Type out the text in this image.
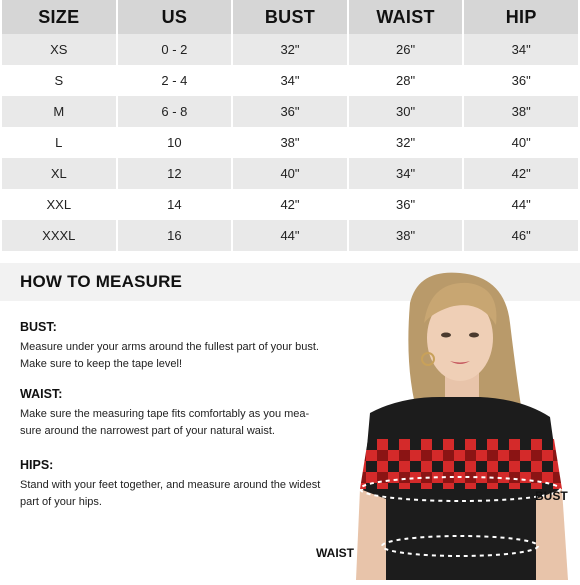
SIZE	US	BUST	WAIST	HIP
XS	0 - 2	32"	26"	34"
S	2 - 4	34"	28"	36"
M	6 - 8	36"	30"	38"
L	10	38"	32"	40"
XL	12	40"	34"	42"
XXL	14	42"	36"	44"
XXXL	16	44"	38"	46"
HOW TO MEASURE
BUST:
Measure under your arms around the fullest part of your bust.
Make sure to keep the tape level!
WAIST:
Make sure the measuring tape fits comfortably as you mea-
sure around the narrowest part of your natural waist.
HIPS:
Stand with your feet together, and measure around the widest
part of your hips.	BUST
WAIST
